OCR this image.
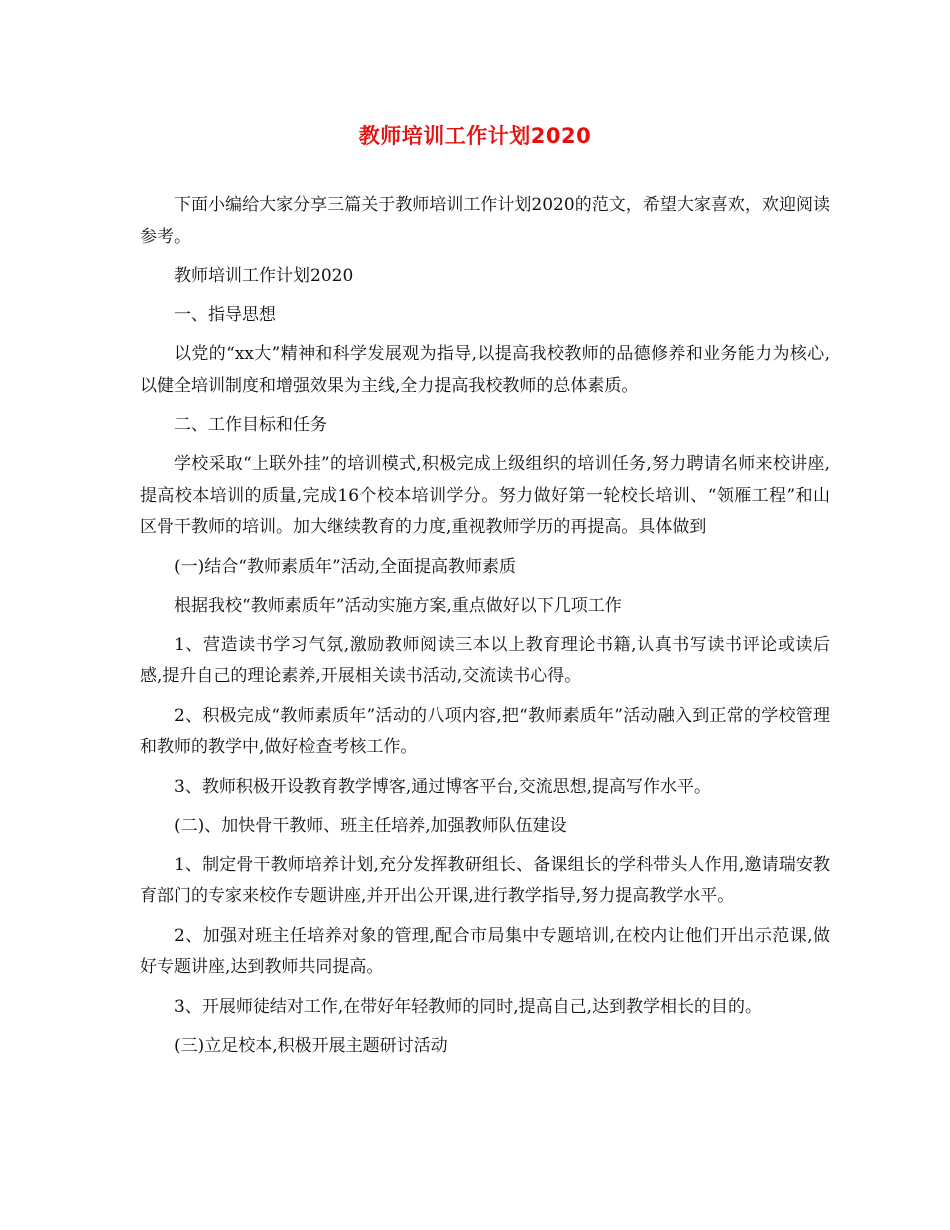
教师培训工作计划2020

下面小编给大家分享三篇关于教师培训工作计划2020的范文，希望大家喜欢，欢迎阅读参考。

教师培训工作计划2020

一、指导思想

以党的“xx大”精神和科学发展观为指导,以提高我校教师的品德修养和业务能力为核心,以健全培训制度和增强效果为主线,全力提高我校教师的总体素质。

二、工作目标和任务

学校采取“上联外挂”的培训模式,积极完成上级组织的培训任务,努力聘请名师来校讲座,提高校本培训的质量,完成16个校本培训学分。努力做好第一轮校长培训、“领雁工程”和山区骨干教师的培训。加大继续教育的力度,重视教师学历的再提高。具体做到

(一)结合“教师素质年”活动,全面提高教师素质

根据我校“教师素质年”活动实施方案,重点做好以下几项工作

1、营造读书学习气氛,激励教师阅读三本以上教育理论书籍,认真书写读书评论或读后感,提升自己的理论素养,开展相关读书活动,交流读书心得。

2、积极完成“教师素质年”活动的八项内容,把“教师素质年”活动融入到正常的学校管理和教师的教学中,做好检查考核工作。

3、教师积极开设教育教学博客,通过博客平台,交流思想,提高写作水平。

(二)、加快骨干教师、班主任培养,加强教师队伍建设

1、制定骨干教师培养计划,充分发挥教研组长、备课组长的学科带头人作用,邀请瑞安教育部门的专家来校作专题讲座,并开出公开课,进行教学指导,努力提高教学水平。

2、加强对班主任培养对象的管理,配合市局集中专题培训,在校内让他们开出示范课,做好专题讲座,达到教师共同提高。

3、开展师徒结对工作,在带好年轻教师的同时,提高自己,达到教学相长的目的。

(三)立足校本,积极开展主题研讨活动
